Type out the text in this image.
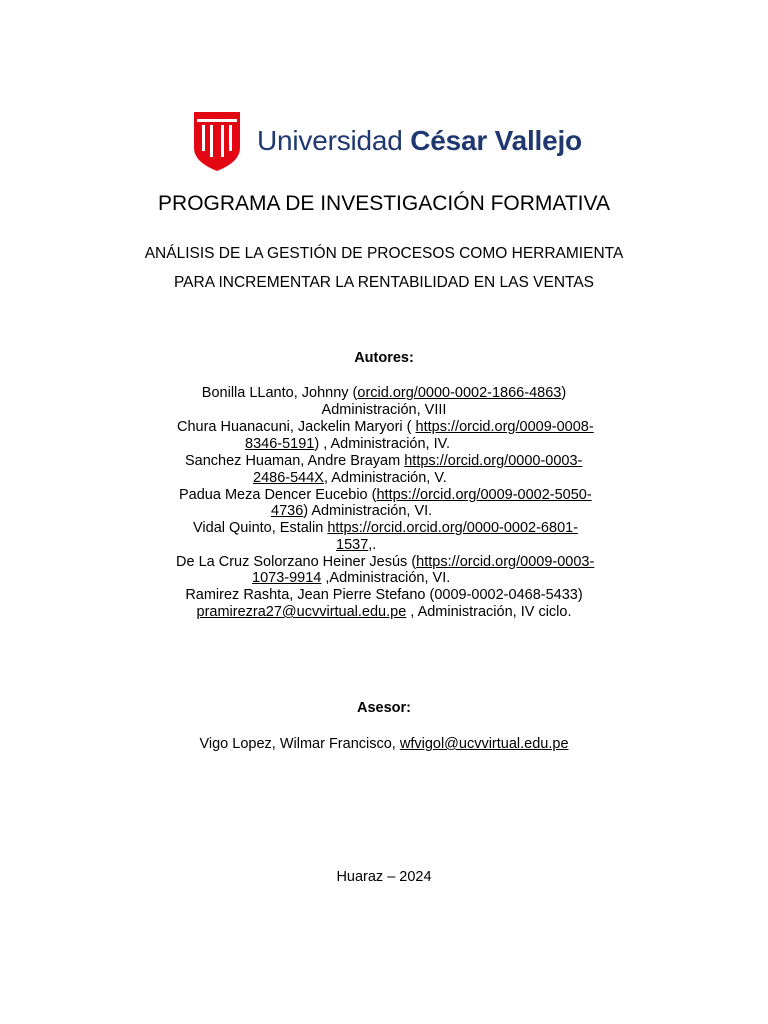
Universidad César Vallejo
PROGRAMA DE INVESTIGACIÓN FORMATIVA
ANÁLISIS DE LA GESTIÓN DE PROCESOS COMO HERRAMIENTA
PARA INCREMENTAR LA RENTABILIDAD EN LAS VENTAS
Autores:
Bonilla LLanto, Johnny (orcid.org/0000-0002-1866-4863)
Administración, VIII
Chura Huanacuni, Jackelin Maryori ( https://orcid.org/0009-0008-
8346-5191) , Administración, IV.
Sanchez Huaman, Andre Brayam https://orcid.org/0000-0003-
2486-544X, Administración, V.
Padua Meza Dencer Eucebio (https://orcid.org/0009-0002-5050-
4736) Administración, VI.
Vidal Quinto, Estalin https://orcid.orcid.org/0000-0002-6801-
1537,.
De La Cruz Solorzano Heiner Jesús (https://orcid.org/0009-0003-
1073-9914 ,Administración, VI.
Ramirez Rashta, Jean Pierre Stefano (0009-0002-0468-5433)
pramirezra27@ucvvirtual.edu.pe , Administración, IV ciclo.
Asesor:
Vigo Lopez, Wilmar Francisco, wfvigol@ucvvirtual.edu.pe
Huaraz – 2024
